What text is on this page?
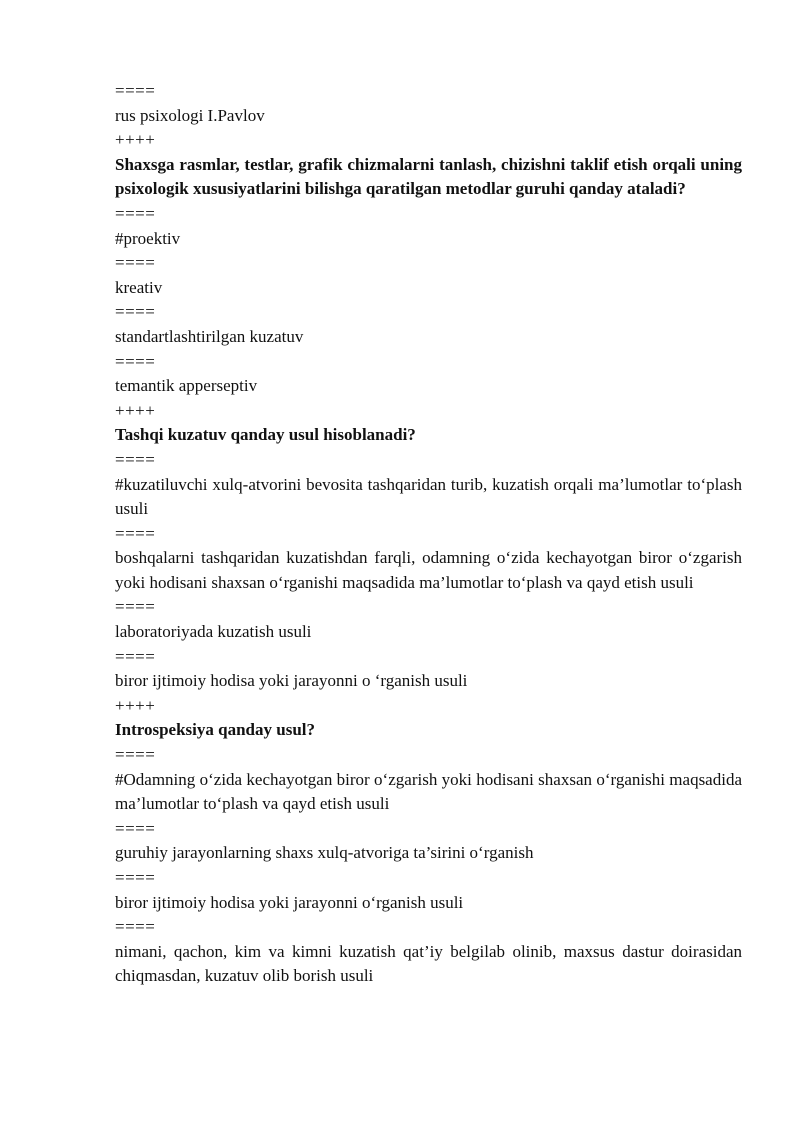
====

rus psixologi I.Pavlov

++++

Shaxsga rasmlar, testlar, grafik chizmalarni tanlash, chizishni taklif etish orqali uning psixologik xususiyatlarini bilishga qaratilgan metodlar guruhi qanday ataladi?

====

#proektiv

====

kreativ

====

standartlashtirilgan kuzatuv

====

temantik apperseptiv

++++

Tashqi kuzatuv qanday usul hisoblanadi?

====

#kuzatiluvchi xulq-atvorini bevosita tashqaridan turib, kuzatish orqali ma’lumotlar to‘plash usuli

====

boshqalarni tashqaridan kuzatishdan farqli, odamning o‘zida kechayotgan biror o‘zgarish yoki hodisani shaxsan o‘rganishi maqsadida ma’lumotlar to‘plash va qayd etish usuli

====

laboratoriyada kuzatish usuli

====

biror ijtimoiy hodisa yoki jarayonni o ‘rganish usuli

++++

Introspeksiya qanday usul?

====

#Odamning o‘zida kechayotgan biror o‘zgarish yoki hodisani shaxsan o‘rganishi maqsadida ma’lumotlar to‘plash va qayd etish usuli

====

guruhiy jarayonlarning shaxs xulq-atvoriga ta’sirini o‘rganish

====

biror ijtimoiy hodisa yoki jarayonni o‘rganish usuli

====

nimani, qachon, kim va kimni kuzatish qat’iy belgilab olinib, maxsus dastur doirasidan chiqmasdan, kuzatuv olib borish usuli
